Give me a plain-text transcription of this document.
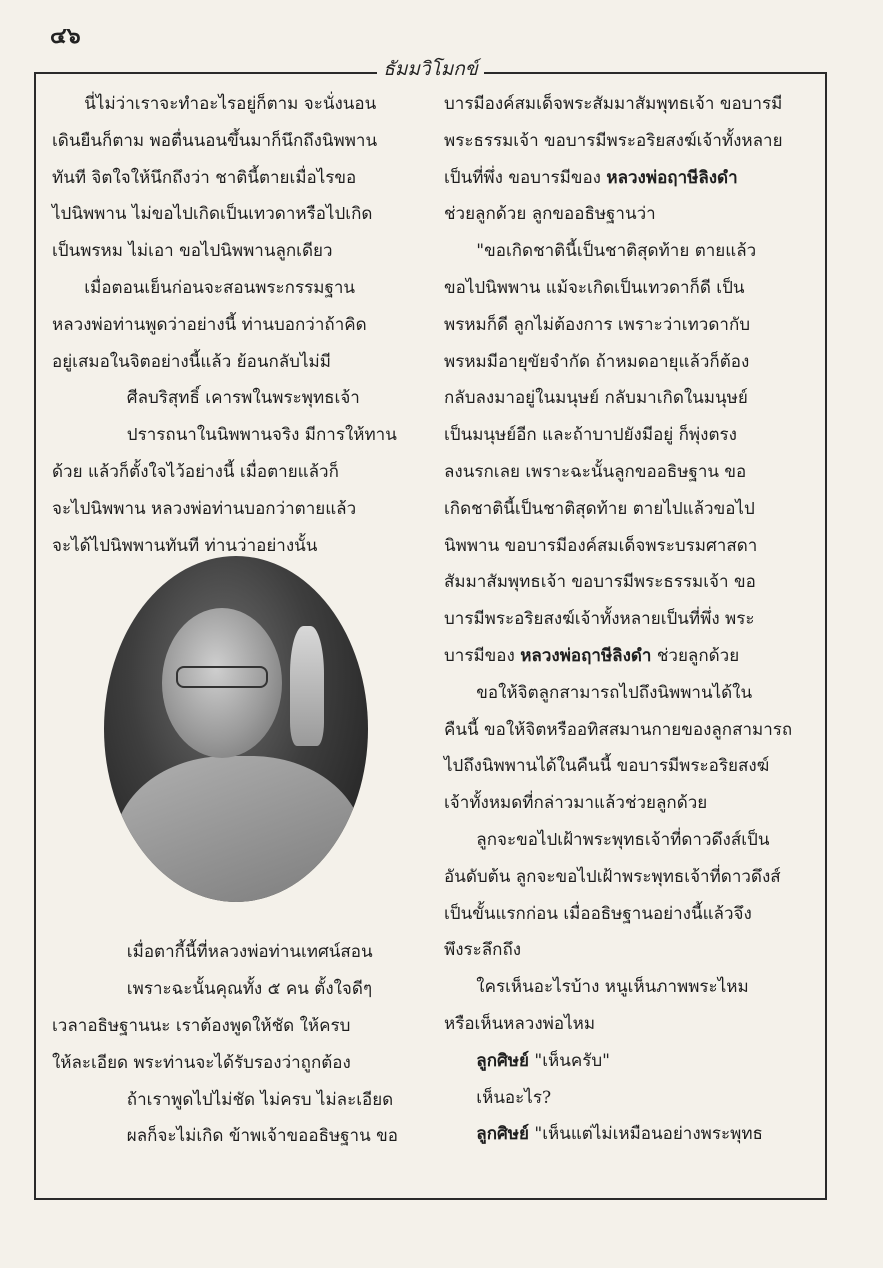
๔๖
ธัมมวิโมกข์

นี่ไม่ว่าเราจะทำอะไรอยู่ก็ตาม จะนั่งนอน

เดินยืนก็ตาม พอตื่นนอนขึ้นมาก็นึกถึงนิพพาน

ทันที จิตใจให้นึกถึงว่า ชาตินี้ตายเมื่อไรขอ

ไปนิพพาน ไม่ขอไปเกิดเป็นเทวดาหรือไปเกิด

เป็นพรหม ไม่เอา ขอไปนิพพานลูกเดียว

เมื่อตอนเย็นก่อนจะสอนพระกรรมฐาน

หลวงพ่อท่านพูดว่าอย่างนี้ ท่านบอกว่าถ้าคิด

อยู่เสมอในจิตอย่างนี้แล้ว ย้อนกลับไม่มี

ศีลบริสุทธิ์ เคารพในพระพุทธเจ้า

ปรารถนาในนิพพานจริง มีการให้ทาน

ด้วย แล้วก็ตั้งใจไว้อย่างนี้ เมื่อตายแล้วก็

จะไปนิพพาน หลวงพ่อท่านบอกว่าตายแล้ว

จะได้ไปนิพพานทันที ท่านว่าอย่างนั้น

เมื่อตากี้นี้ที่หลวงพ่อท่านเทศน์สอน

เพราะฉะนั้นคุณทั้ง ๕ คน ตั้งใจดีๆ

เวลาอธิษฐานนะ เราต้องพูดให้ชัด ให้ครบ

ให้ละเอียด พระท่านจะได้รับรองว่าถูกต้อง

ถ้าเราพูดไปไม่ชัด ไม่ครบ ไม่ละเอียด

ผลก็จะไม่เกิด ข้าพเจ้าขออธิษฐาน ขอ

บารมีองค์สมเด็จพระสัมมาสัมพุทธเจ้า ขอบารมี

พระธรรมเจ้า ขอบารมีพระอริยสงฆ์เจ้าทั้งหลาย

เป็นที่พึ่ง ขอบารมีของ หลวงพ่อฤาษีลิงดำ

ช่วยลูกด้วย ลูกขออธิษฐานว่า

"ขอเกิดชาตินี้เป็นชาติสุดท้าย ตายแล้ว

ขอไปนิพพาน แม้จะเกิดเป็นเทวดาก็ดี เป็น

พรหมก็ดี ลูกไม่ต้องการ เพราะว่าเทวดากับ

พรหมมีอายุขัยจำกัด ถ้าหมดอายุแล้วก็ต้อง

กลับลงมาอยู่ในมนุษย์ กลับมาเกิดในมนุษย์

เป็นมนุษย์อีก และถ้าบาปยังมีอยู่ ก็พุ่งตรง

ลงนรกเลย เพราะฉะนั้นลูกขออธิษฐาน ขอ

เกิดชาตินี้เป็นชาติสุดท้าย ตายไปแล้วขอไป

นิพพาน ขอบารมีองค์สมเด็จพระบรมศาสดา

สัมมาสัมพุทธเจ้า ขอบารมีพระธรรมเจ้า ขอ

บารมีพระอริยสงฆ์เจ้าทั้งหลายเป็นที่พึ่ง พระ

บารมีของ หลวงพ่อฤาษีลิงดำ ช่วยลูกด้วย

ขอให้จิตลูกสามารถไปถึงนิพพานได้ใน

คืนนี้ ขอให้จิตหรืออทิสสมานกายของลูกสามารถ

ไปถึงนิพพานได้ในคืนนี้ ขอบารมีพระอริยสงฆ์

เจ้าทั้งหมดที่กล่าวมาแล้วช่วยลูกด้วย

ลูกจะขอไปเฝ้าพระพุทธเจ้าที่ดาวดึงส์เป็น

อันดับต้น ลูกจะขอไปเฝ้าพระพุทธเจ้าที่ดาวดึงส์

เป็นขั้นแรกก่อน เมื่ออธิษฐานอย่างนี้แล้วจึง

พึงระลึกถึง

ใครเห็นอะไรบ้าง หนูเห็นภาพพระไหม

หรือเห็นหลวงพ่อไหม

ลูกศิษย์ "เห็นครับ"

เห็นอะไร?

ลูกศิษย์ "เห็นแต่ไม่เหมือนอย่างพระพุทธ
